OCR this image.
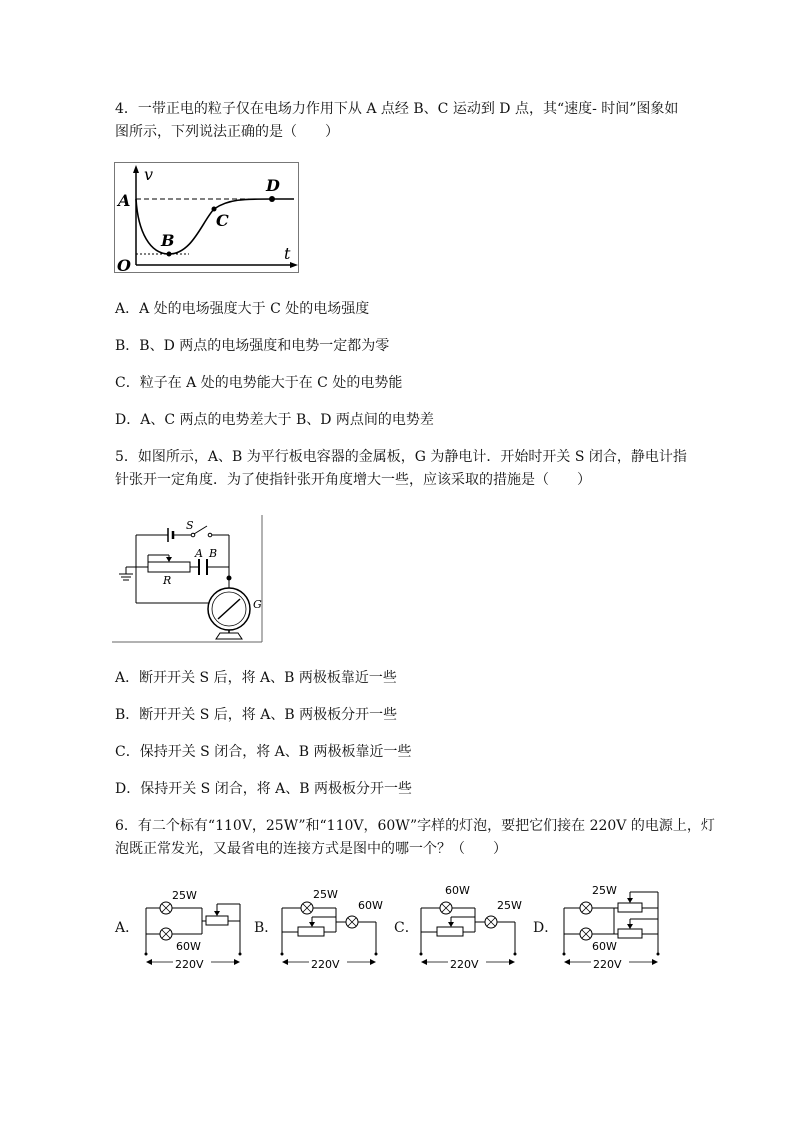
4．一带正电的粒子仅在电场力作用下从 A 点经 B、C 运动到 D 点，其“速度- 时间”图象如
图所示，下列说法正确的是（　　）
v
A
B
C
D
O
t
A．A 处的电场强度大于 C 处的电场强度
B．B、D 两点的电场强度和电势一定都为零
C．粒子在 A 处的电势能大于在 C 处的电势能
D．A、C 两点的电势差大于 B、D 两点间的电势差
5．如图所示，A、B 为平行板电容器的金属板，G 为静电计．开始时开关 S 闭合，静电计指
针张开一定角度．为了使指针张开角度增大一些，应该采取的措施是（　　）
S
A B
R
G
A．断开开关 S 后，将 A、B 两极板靠近一些
B．断开开关 S 后，将 A、B 两极板分开一些
C．保持开关 S 闭合，将 A、B 两极板靠近一些
D．保持开关 S 闭合，将 A、B 两极板分开一些
6．有二个标有“110V，25W”和“110V，60W”字样的灯泡，要把它们接在 220V 的电源上，灯
泡既正常发光，又最省电的连接方式是图中的哪一个？（　　）
A．
220V
25W
60W
B．
220V
25W
60W
C．
220V
60W
25W
D．
220V
25W
60W
